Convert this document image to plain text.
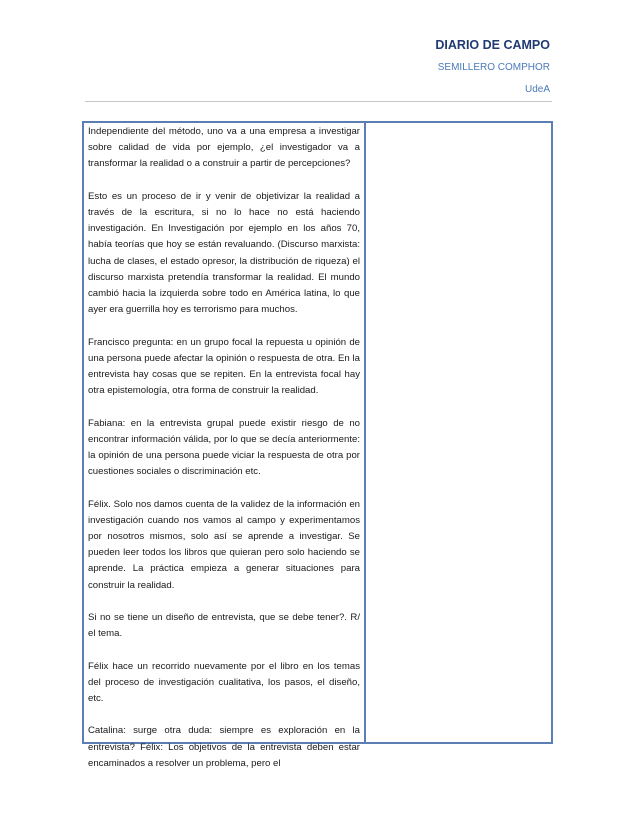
DIARIO DE CAMPO
SEMILLERO COMPHOR
UdeA

Independiente del método, uno va a una empresa a investigar sobre calidad de vida por ejemplo, ¿el investigador va a transformar la realidad o a construir a partir de percepciones?

Esto es un proceso de ir y venir de objetivizar la realidad a través de la escritura, si no lo hace no está haciendo investigación. En Investigación por ejemplo en los años 70, había teorías que hoy se están revaluando. (Discurso marxista: lucha de clases, el estado opresor, la distribución de riqueza) el discurso marxista pretendía transformar la realidad. El mundo cambió hacia la izquierda sobre todo en América latina, lo que ayer era guerrilla hoy es terrorismo para muchos.

Francisco pregunta: en un grupo focal la repuesta u opinión de una persona puede afectar la opinión o respuesta de otra. En la entrevista hay cosas que se repiten. En la entrevista focal hay otra epistemología, otra forma de construir la realidad.

Fabiana: en la entrevista grupal puede existir riesgo de no encontrar información válida, por lo que se decía anteriormente: la opinión de una persona puede viciar la respuesta de otra por cuestiones sociales o discriminación etc.

Félix. Solo nos damos cuenta de la validez de la información en investigación cuando nos vamos al campo y experimentamos por nosotros mismos, solo así se aprende a investigar. Se pueden leer todos los libros que quieran pero solo haciendo se aprende. La práctica empieza a generar situaciones para construir la realidad.

Si no se tiene un diseño de entrevista, que se debe tener?. R/ el tema.

Félix hace un recorrido nuevamente por el libro en los temas del proceso de investigación cualitativa, los pasos, el diseño, etc.

Catalina: surge otra duda: siempre es exploración en la entrevista? Félix: Los objetivos de la entrevista deben estar encaminados a resolver un problema, pero el
